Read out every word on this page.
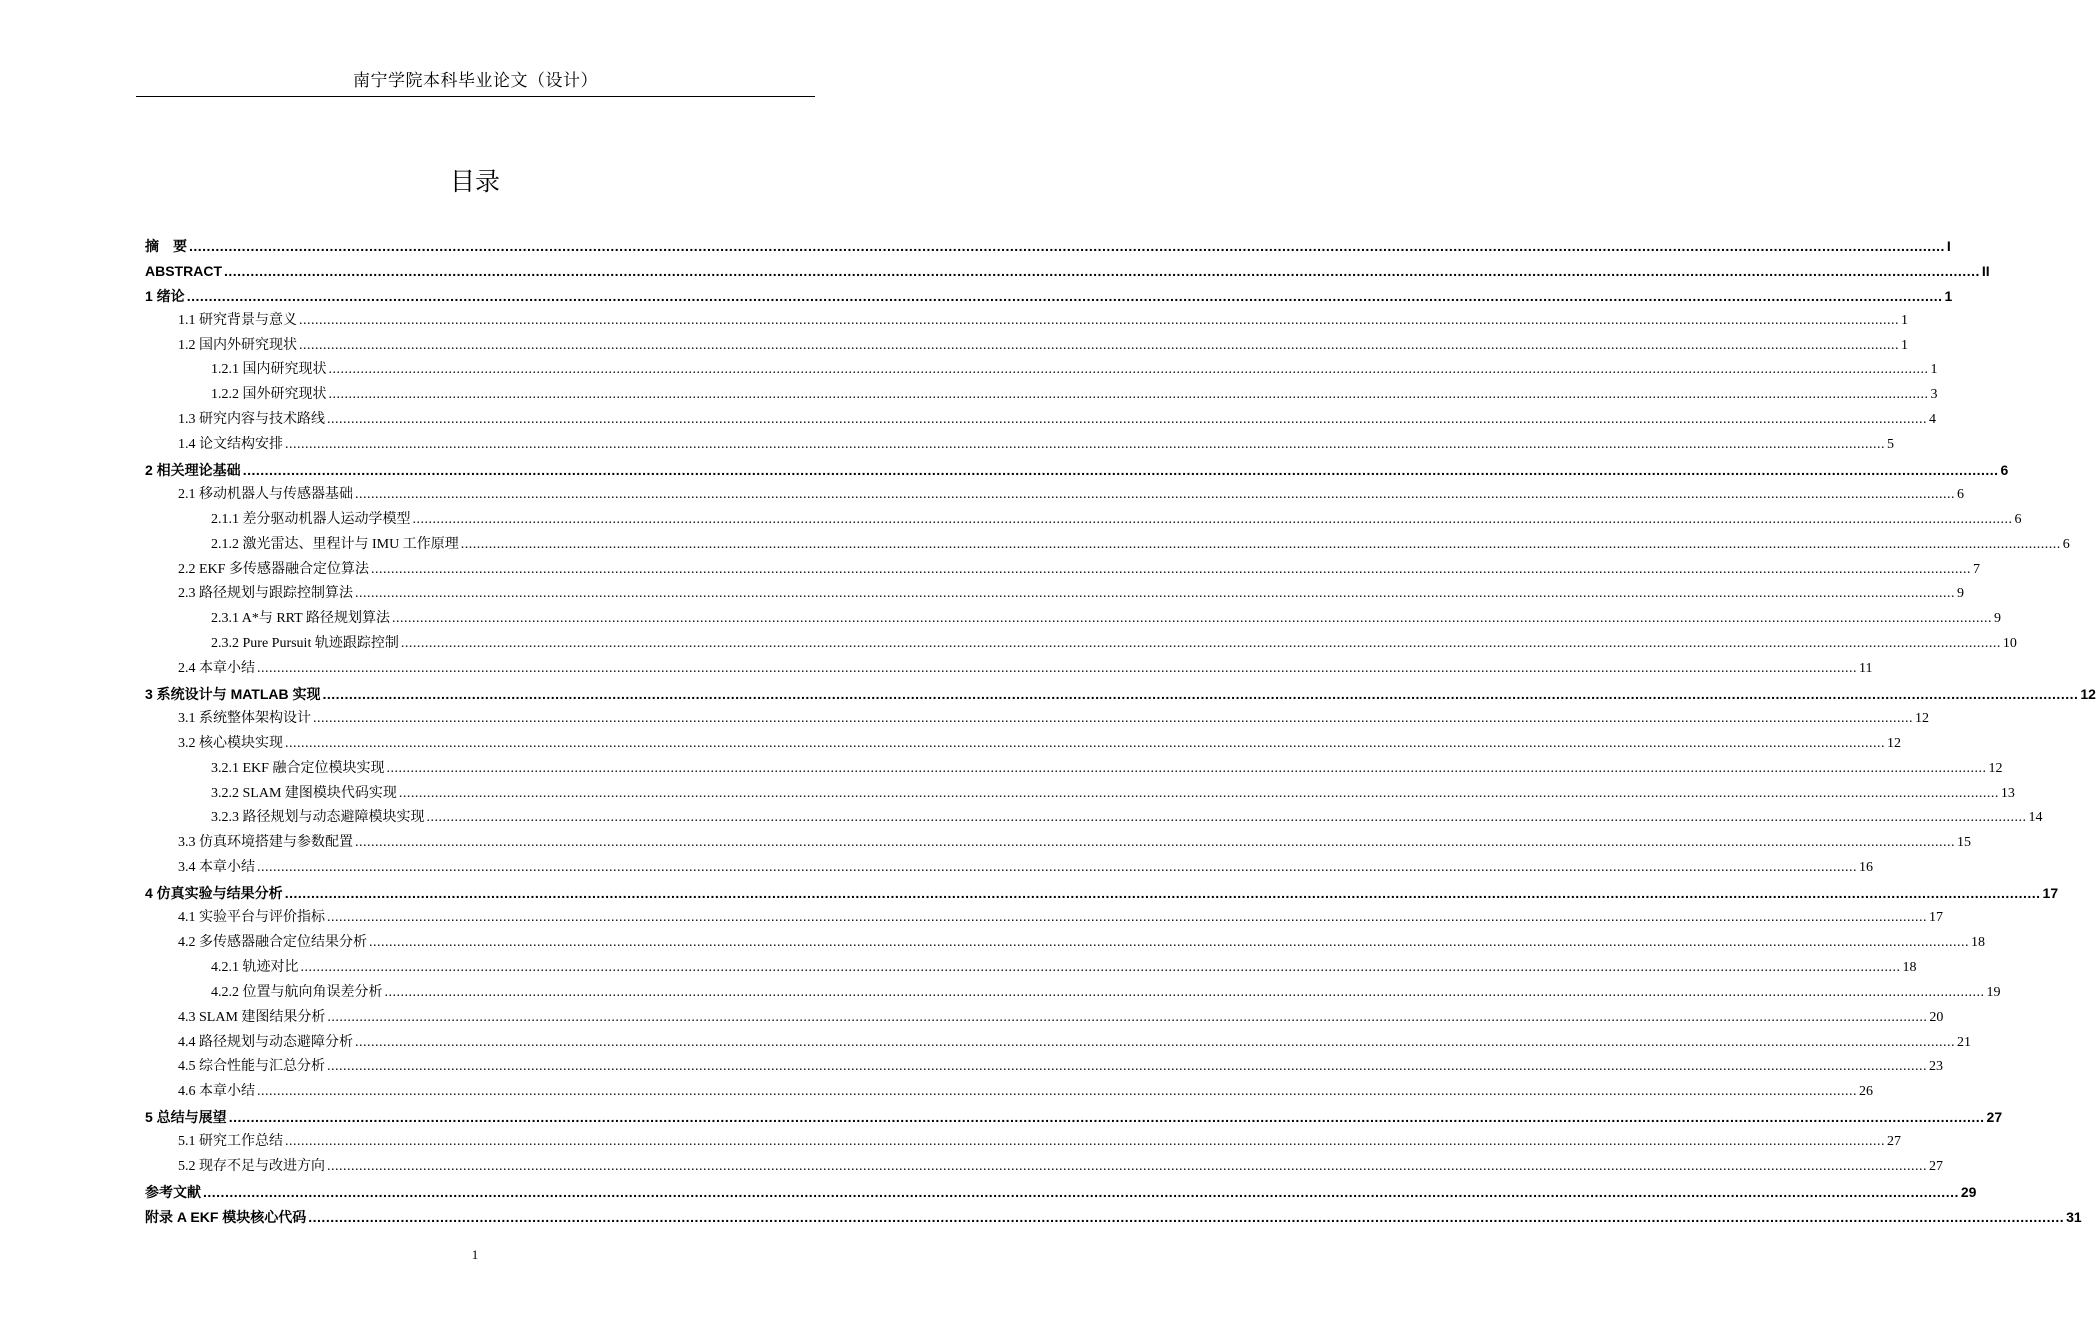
南宁学院本科毕业论文（设计）
目录
摘　要 ................................................................................................................................................................................................................................................................................................................................................................................................................ I
ABSTRACT ................................................................................................................................................................................................................................................................................................................................................................................................................ II
1 绪论 ................................................................................................................................................................................................................................................................................................................................................................................................................ 1
1.1 研究背景与意义 ................................................................................................................................................................................................................................................................................................................................................................................................................ 1
1.2 国内外研究现状 ................................................................................................................................................................................................................................................................................................................................................................................................................ 1
1.2.1 国内研究现状 ................................................................................................................................................................................................................................................................................................................................................................................................................ 1
1.2.2 国外研究现状 ................................................................................................................................................................................................................................................................................................................................................................................................................ 3
1.3 研究内容与技术路线 ................................................................................................................................................................................................................................................................................................................................................................................................................ 4
1.4 论文结构安排 ................................................................................................................................................................................................................................................................................................................................................................................................................ 5
2 相关理论基础 ................................................................................................................................................................................................................................................................................................................................................................................................................ 6
2.1 移动机器人与传感器基础 ................................................................................................................................................................................................................................................................................................................................................................................................................ 6
2.1.1 差分驱动机器人运动学模型 ................................................................................................................................................................................................................................................................................................................................................................................................................ 6
2.1.2 激光雷达、里程计与 IMU 工作原理 ................................................................................................................................................................................................................................................................................................................................................................................................................ 6
2.2 EKF 多传感器融合定位算法 ................................................................................................................................................................................................................................................................................................................................................................................................................ 7
2.3 路径规划与跟踪控制算法 ................................................................................................................................................................................................................................................................................................................................................................................................................ 9
2.3.1 A*与 RRT 路径规划算法 ................................................................................................................................................................................................................................................................................................................................................................................................................ 9
2.3.2 Pure Pursuit 轨迹跟踪控制 ................................................................................................................................................................................................................................................................................................................................................................................................................ 10
2.4 本章小结 ................................................................................................................................................................................................................................................................................................................................................................................................................ 11
3 系统设计与 MATLAB 实现 ................................................................................................................................................................................................................................................................................................................................................................................................................ 12
3.1 系统整体架构设计 ................................................................................................................................................................................................................................................................................................................................................................................................................ 12
3.2 核心模块实现 ................................................................................................................................................................................................................................................................................................................................................................................................................ 12
3.2.1 EKF 融合定位模块实现 ................................................................................................................................................................................................................................................................................................................................................................................................................ 12
3.2.2 SLAM 建图模块代码实现 ................................................................................................................................................................................................................................................................................................................................................................................................................ 13
3.2.3 路径规划与动态避障模块实现 ................................................................................................................................................................................................................................................................................................................................................................................................................ 14
3.3 仿真环境搭建与参数配置 ................................................................................................................................................................................................................................................................................................................................................................................................................ 15
3.4 本章小结 ................................................................................................................................................................................................................................................................................................................................................................................................................ 16
4 仿真实验与结果分析 ................................................................................................................................................................................................................................................................................................................................................................................................................ 17
4.1 实验平台与评价指标 ................................................................................................................................................................................................................................................................................................................................................................................................................ 17
4.2 多传感器融合定位结果分析 ................................................................................................................................................................................................................................................................................................................................................................................................................ 18
4.2.1 轨迹对比 ................................................................................................................................................................................................................................................................................................................................................................................................................ 18
4.2.2 位置与航向角误差分析 ................................................................................................................................................................................................................................................................................................................................................................................................................ 19
4.3 SLAM 建图结果分析 ................................................................................................................................................................................................................................................................................................................................................................................................................ 20
4.4 路径规划与动态避障分析 ................................................................................................................................................................................................................................................................................................................................................................................................................ 21
4.5 综合性能与汇总分析 ................................................................................................................................................................................................................................................................................................................................................................................................................ 23
4.6 本章小结 ................................................................................................................................................................................................................................................................................................................................................................................................................ 26
5 总结与展望 ................................................................................................................................................................................................................................................................................................................................................................................................................ 27
5.1 研究工作总结 ................................................................................................................................................................................................................................................................................................................................................................................................................ 27
5.2 现存不足与改进方向 ................................................................................................................................................................................................................................................................................................................................................................................................................ 27
参考文献 ................................................................................................................................................................................................................................................................................................................................................................................................................ 29
附录 A EKF 模块核心代码 ................................................................................................................................................................................................................................................................................................................................................................................................................ 31
1
